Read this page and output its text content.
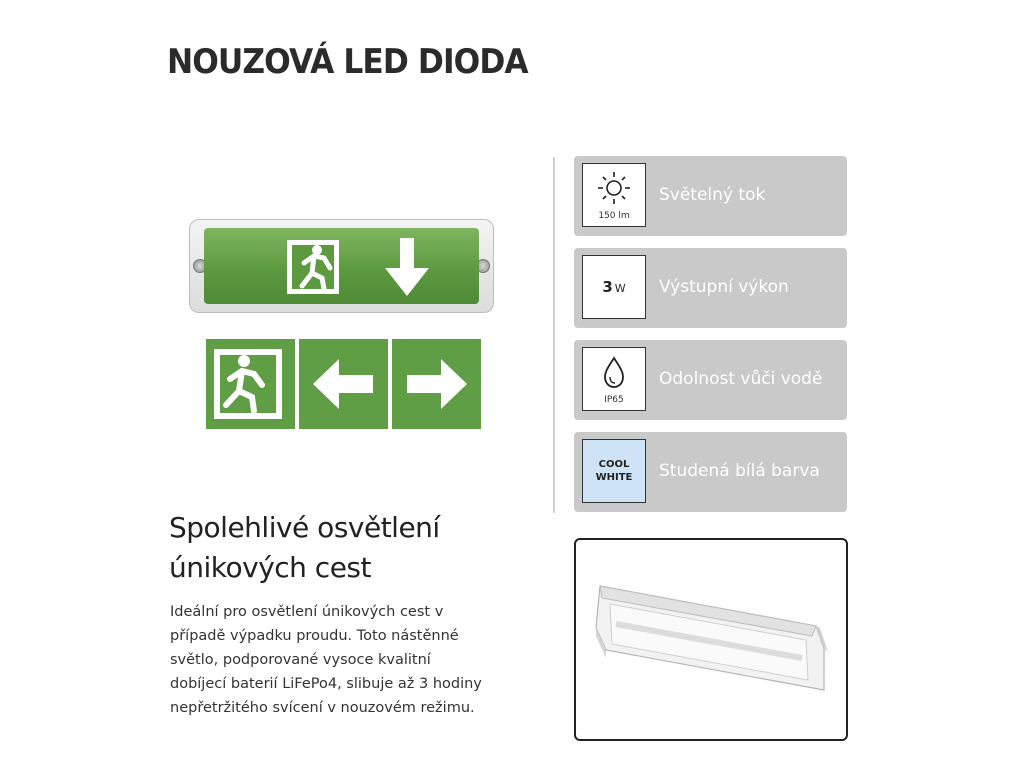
NOUZOVÁ LED DIODA
150 lm
Světelný tok
3 W	Výstupní výkon
IP65
Odolnost vůči vodě
COOL
WHITE	Studená bílá barva
Spolehlivé osvětlení
únikových cest
Ideální pro osvětlení únikových cest v
případě výpadku proudu. Toto nástěnné
světlo, podporované vysoce kvalitní
dobíjecí baterií LiFePo4, slibuje až 3 hodiny
nepřetržitého svícení v nouzovém režimu.
